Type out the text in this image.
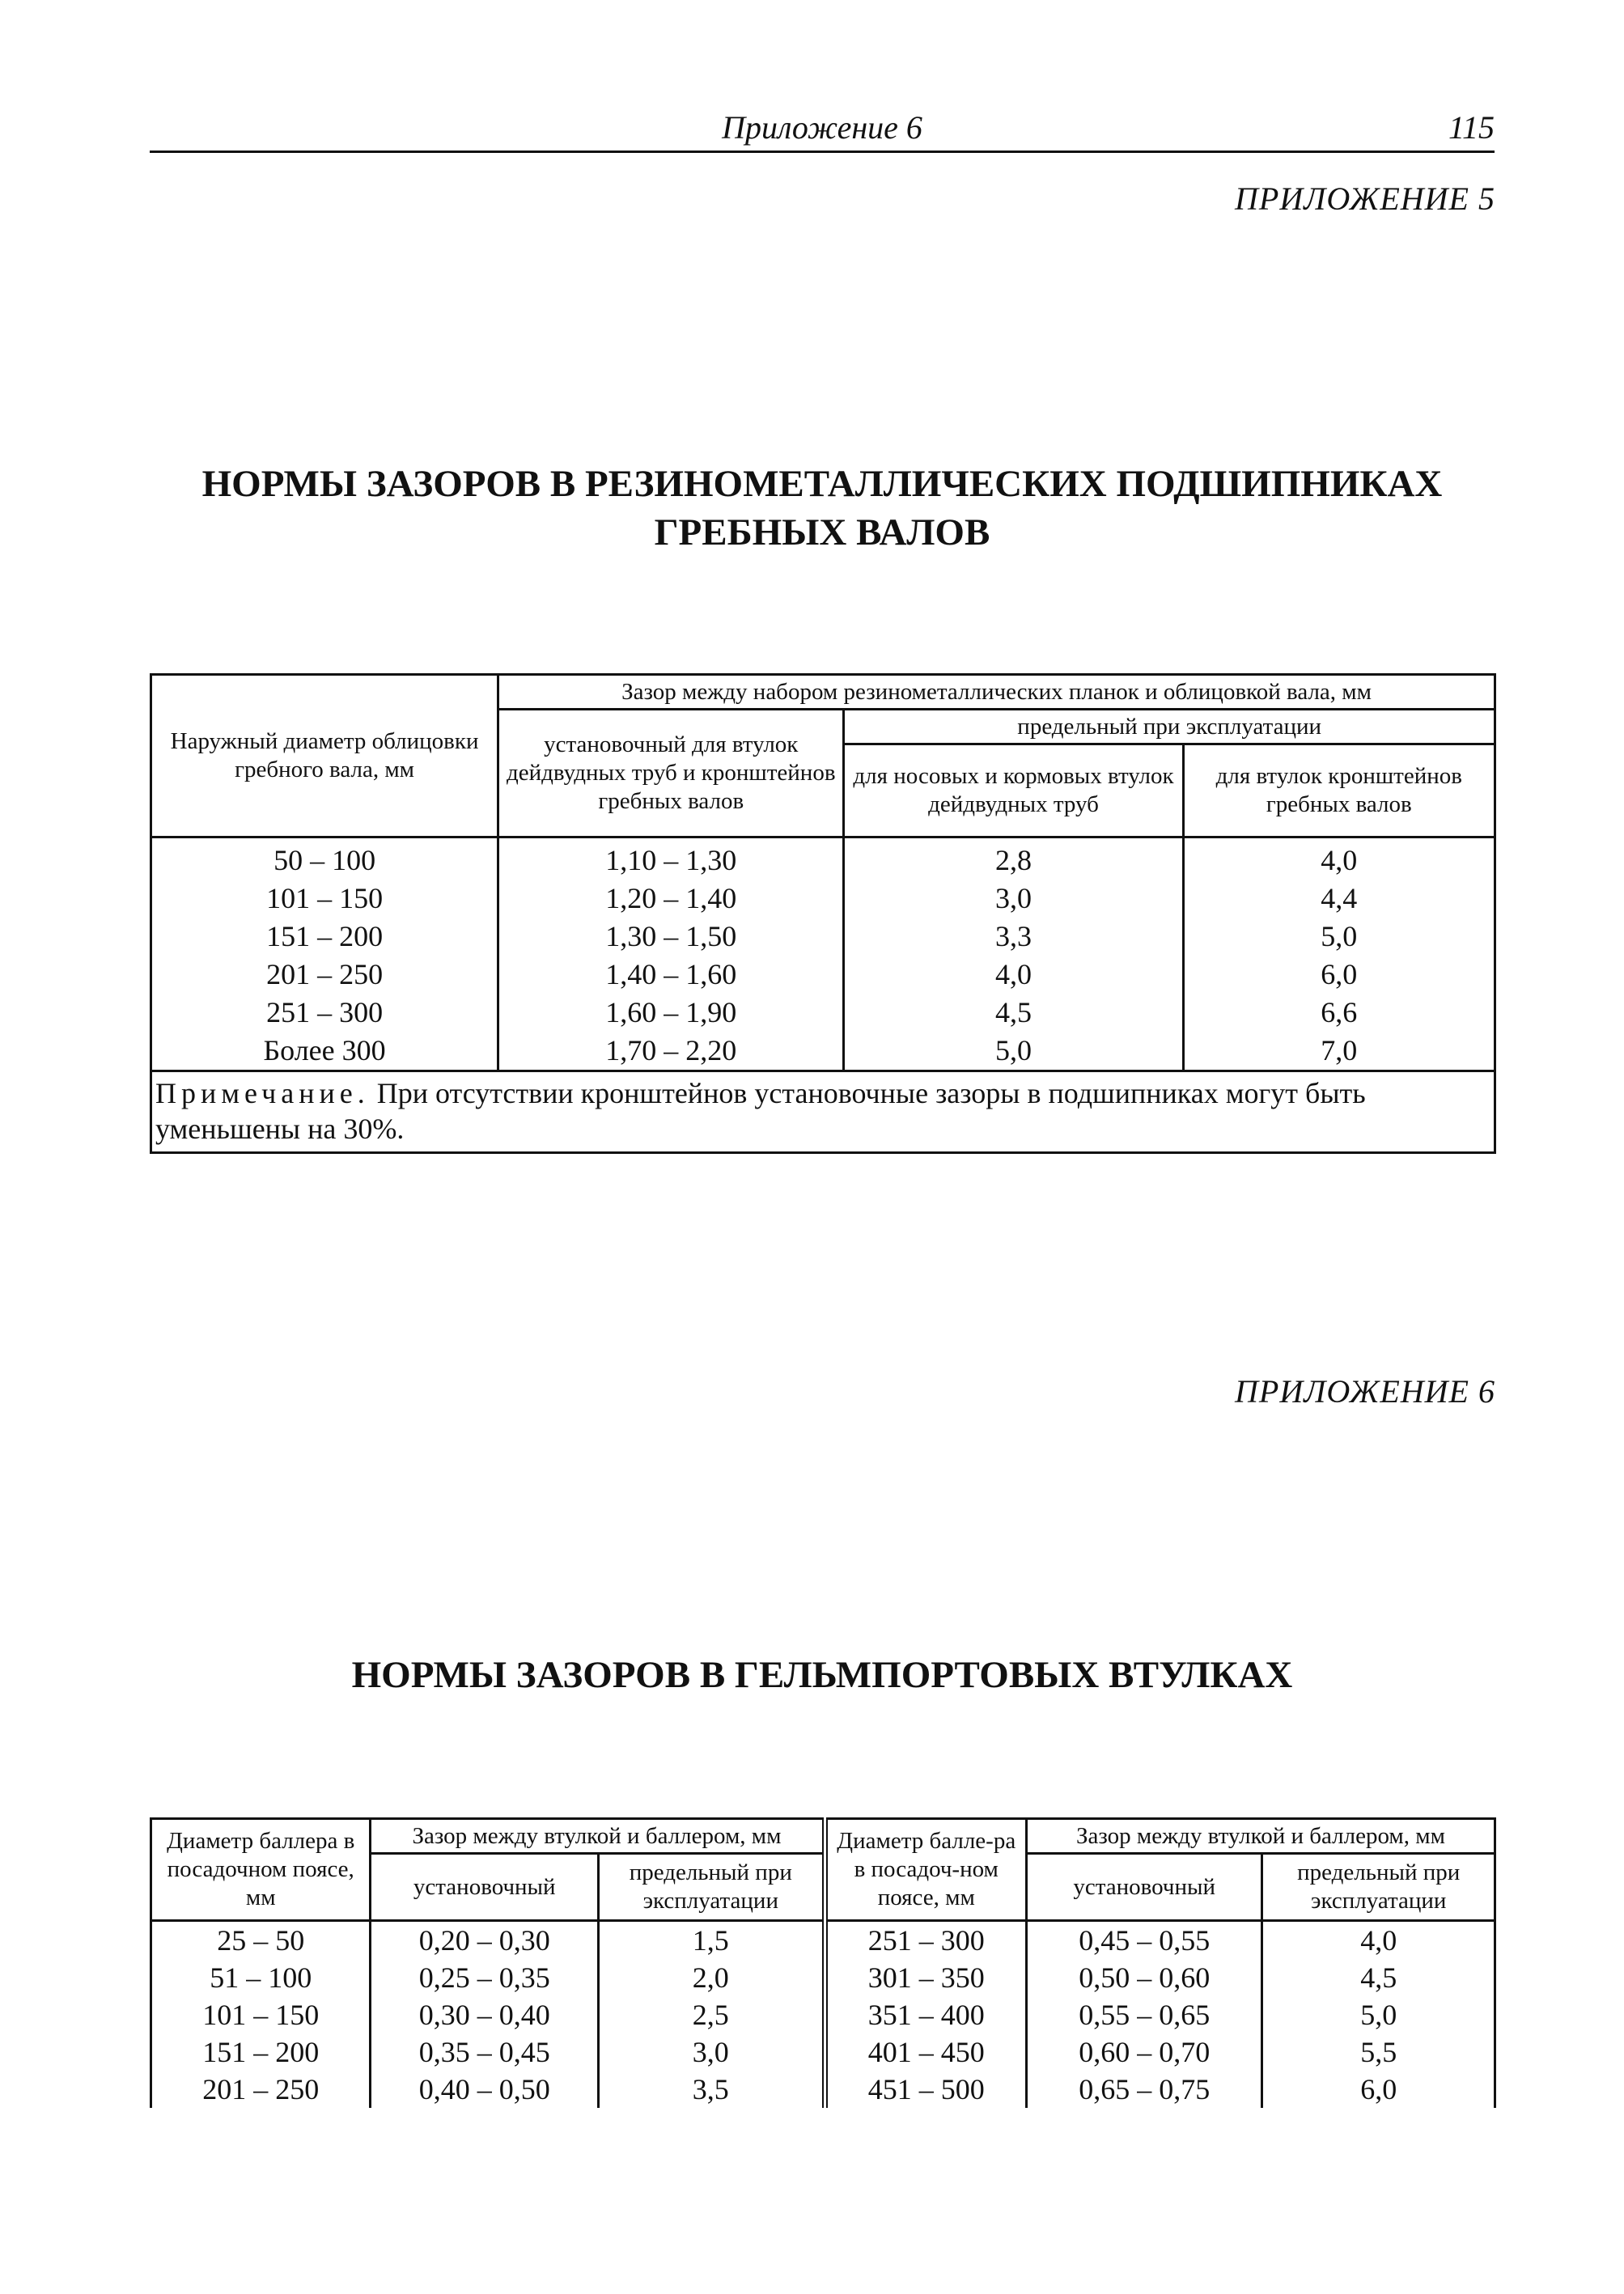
Приложение 6	115
ПРИЛОЖЕНИЕ 5
НОРМЫ ЗАЗОРОВ В РЕЗИНОМЕТАЛЛИЧЕСКИХ ПОДШИПНИКАХ
ГРЕБНЫХ ВАЛОВ
Наружный диаметр облицовки гребного вала, мм	Зазор между набором резинометаллических планок и облицовкой вала, мм		
	установочный для втулок дейдвудных труб и кронштейнов гребных валов	предельный при эксплуатации	
		для носовых и кормовых втулок дейдвудных труб	для втулок кронштейнов гребных валов
50 – 100	1,10 – 1,30	2,8	4,0
101 – 150	1,20 – 1,40	3,0	4,4
151 – 200	1,30 – 1,50	3,3	5,0
201 – 250	1,40 – 1,60	4,0	6,0
251 – 300	1,60 – 1,90	4,5	6,6
Более 300	1,70 – 2,20	5,0	7,0
Примечание. При отсутствии кронштейнов установочные зазоры в подшипниках могут быть уменьшены на 30%.			
ПРИЛОЖЕНИЕ 6
НОРМЫ ЗАЗОРОВ В ГЕЛЬМПОРТОВЫХ ВТУЛКАХ
Диаметр баллера в посадочном поясе, мм	Зазор между втулкой и баллером, мм		Диаметр балле-ра в посадоч-ном поясе, мм	Зазор между втулкой и баллером, мм	
	установочный	предельный при эксплуатации		установочный	предельный при эксплуатации
25 – 50	0,20 – 0,30	1,5	251 – 300	0,45 – 0,55	4,0
51 – 100	0,25 – 0,35	2,0	301 – 350	0,50 – 0,60	4,5
101 – 150	0,30 – 0,40	2,5	351 – 400	0,55 – 0,65	5,0
151 – 200	0,35 – 0,45	3,0	401 – 450	0,60 – 0,70	5,5
201 – 250	0,40 – 0,50	3,5	451 – 500	0,65 – 0,75	6,0
